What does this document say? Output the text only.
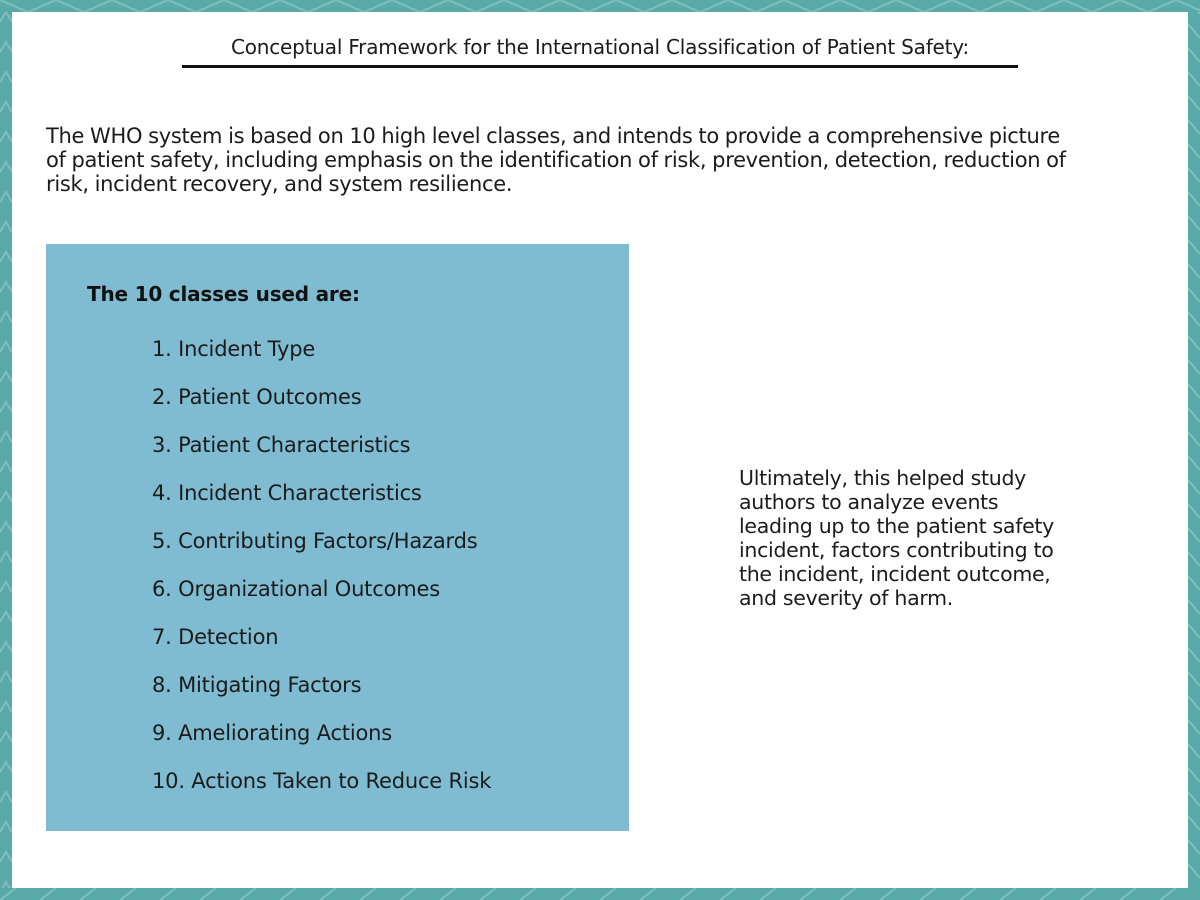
Conceptual Framework for the International Classification of Patient Safety:
The WHO system is based on 10 high level classes, and intends to provide a comprehensive picture
of patient safety, including emphasis on the identification of risk, prevention, detection, reduction of
risk, incident recovery, and system resilience.
The 10 classes used are:
1. Incident Type
2. Patient Outcomes
3. Patient Characteristics
4. Incident Characteristics
5. Contributing Factors/Hazards
6. Organizational Outcomes
7. Detection
8. Mitigating Factors
9. Ameliorating Actions
10. Actions Taken to Reduce Risk
Ultimately, this helped study
authors to analyze events
leading up to the patient safety
incident, factors contributing to
the incident, incident outcome,
and severity of harm.
